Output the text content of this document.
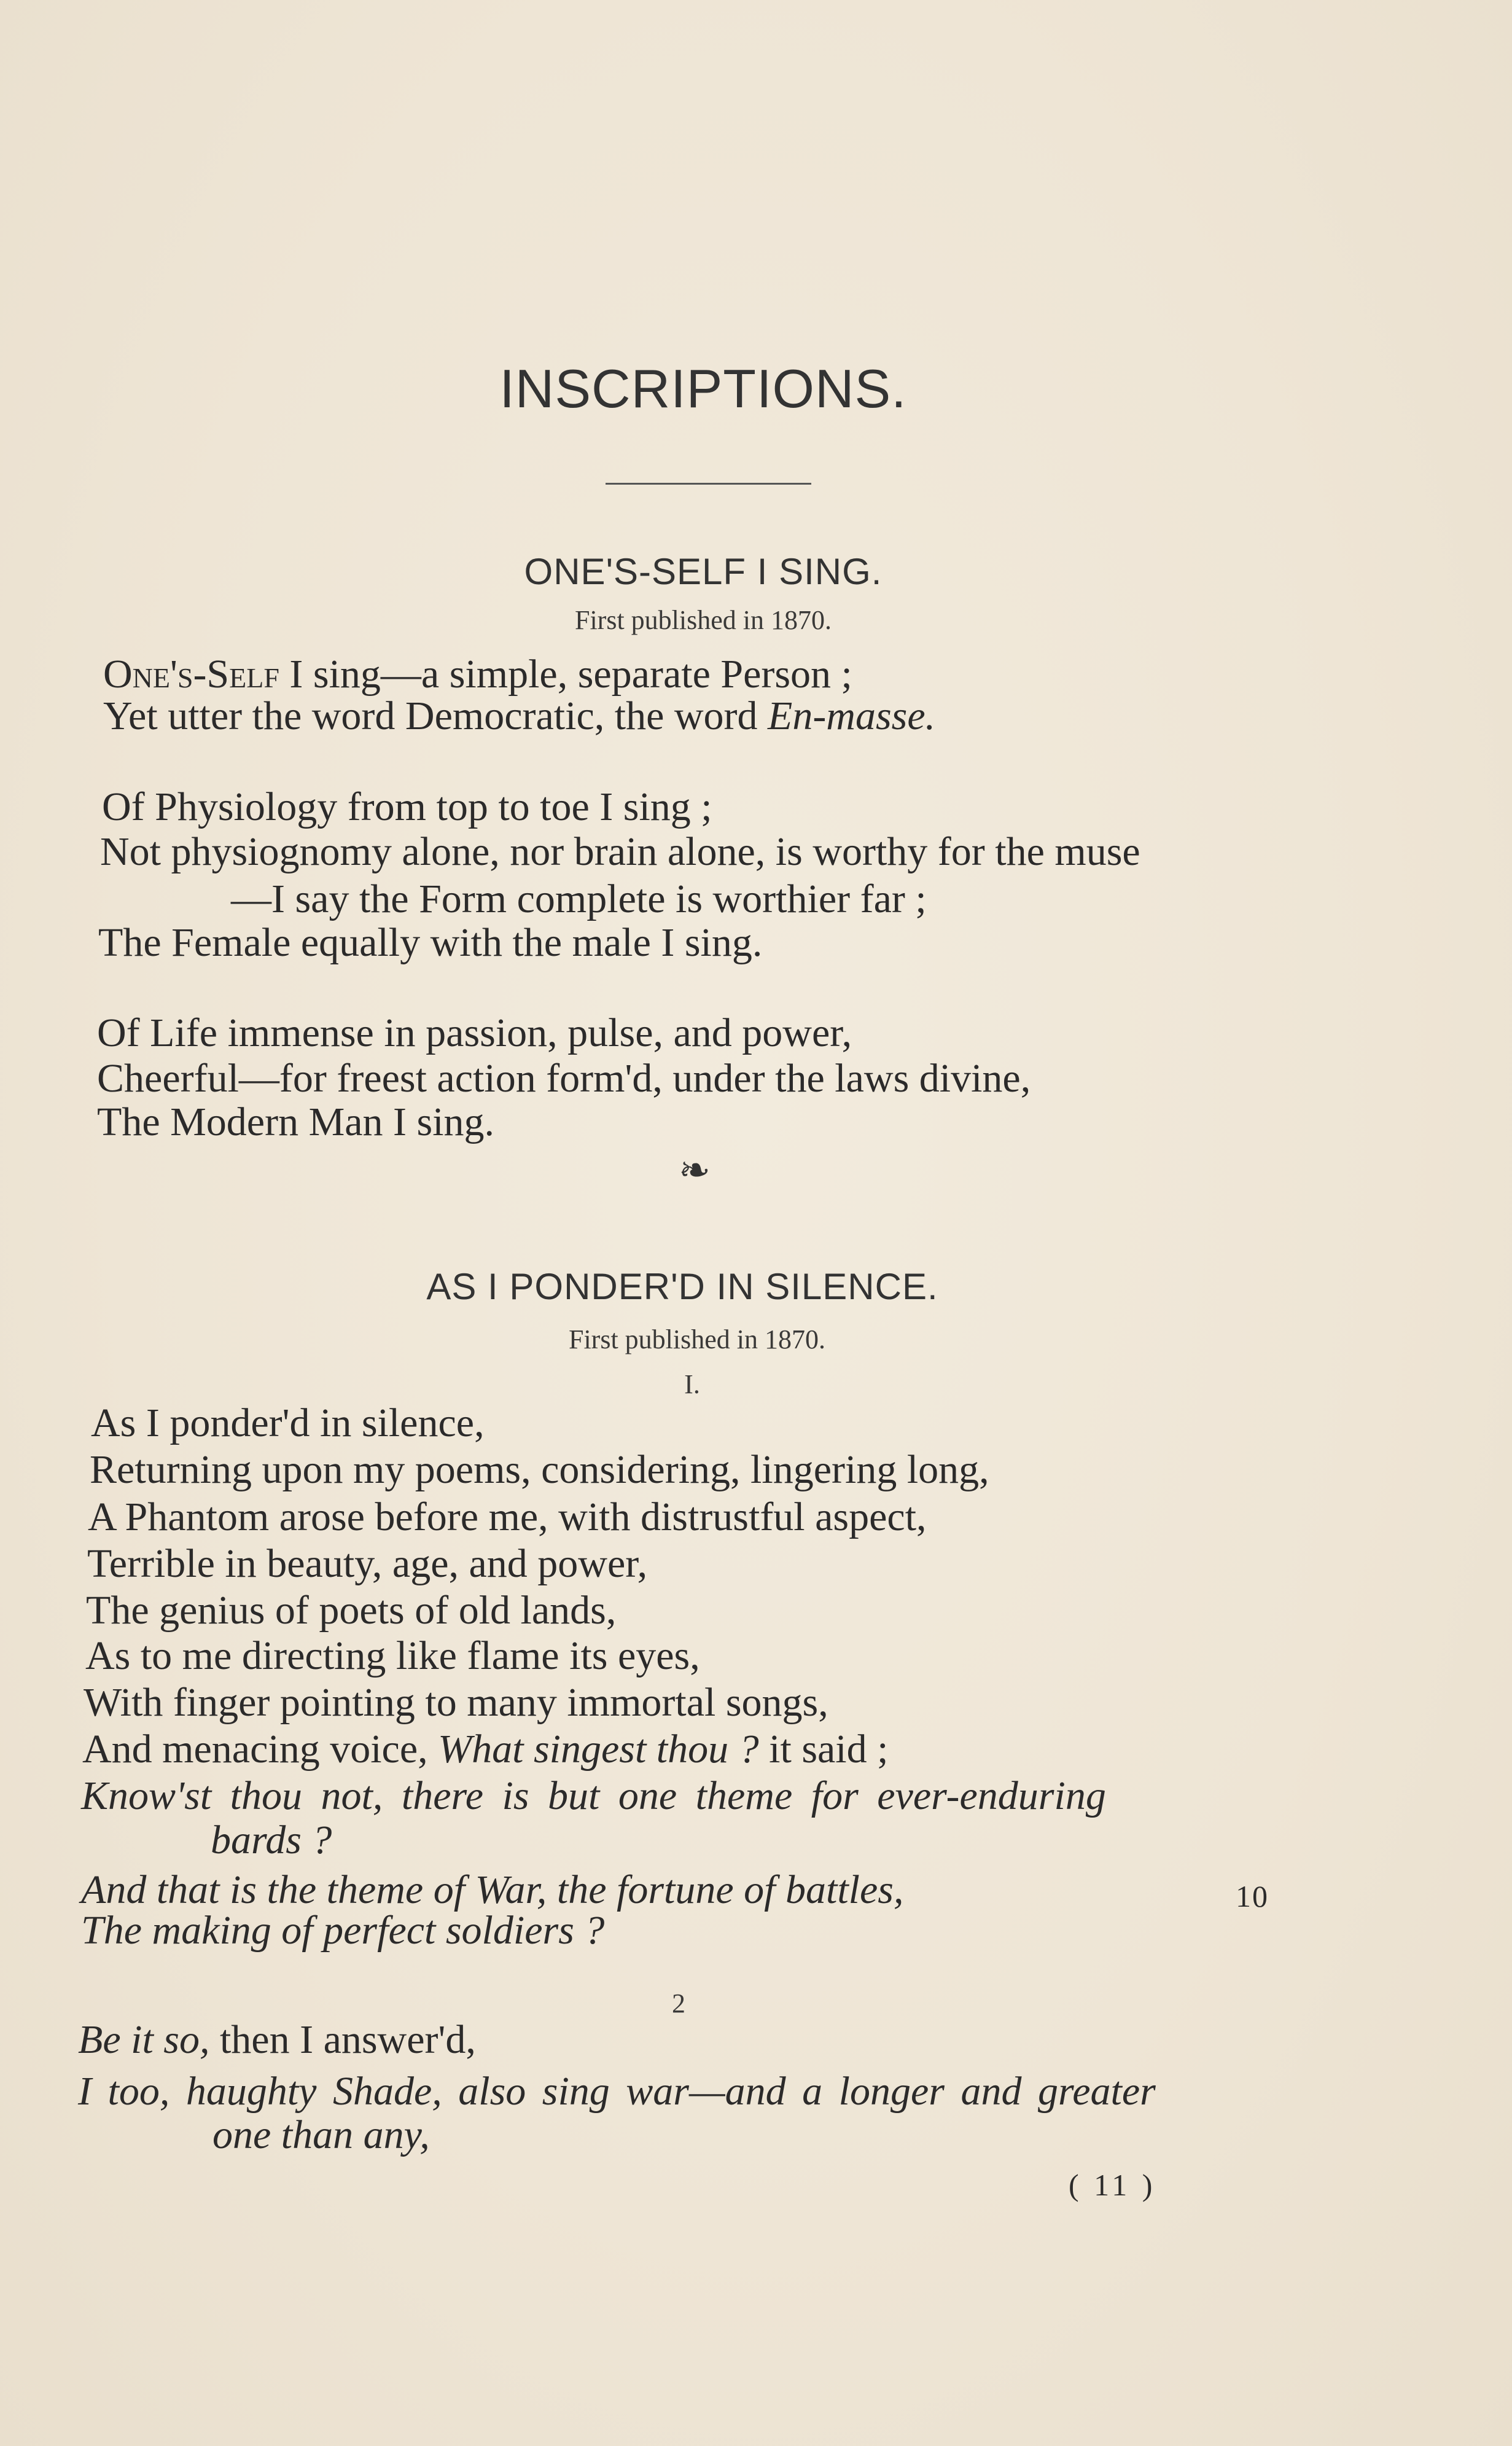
INSCRIPTIONS.
ONE'S-SELF I SING.
First published in 1870.
One's-Self I sing—a simple, separate Person ;
Yet utter the word Democratic, the word En-masse.
Of Physiology from top to toe I sing ;
Not physiognomy alone, nor brain alone, is worthy for the muse
—I say the Form complete is worthier far ;
The Female equally with the male I sing.
Of Life immense in passion, pulse, and power,
Cheerful—for freest action form'd, under the laws divine,
The Modern Man I sing.
❧
AS I PONDER'D IN SILENCE.
First published in 1870.
I.
As I ponder'd in silence,
Returning upon my poems, considering, lingering long,
A Phantom arose before me, with distrustful aspect,
Terrible in beauty, age, and power,
The genius of poets of old lands,
As to me directing like flame its eyes,
With finger pointing to many immortal songs,
And menacing voice, What singest thou ? it said ;
Know'st thou not, there is but one theme for ever-enduring
bards ?
And that is the theme of War, the fortune of battles,	10
The making of perfect soldiers ?
2
Be it so, then I answer'd,
I too, haughty Shade, also sing war—and a longer and greater
one than any,
( 11 )
